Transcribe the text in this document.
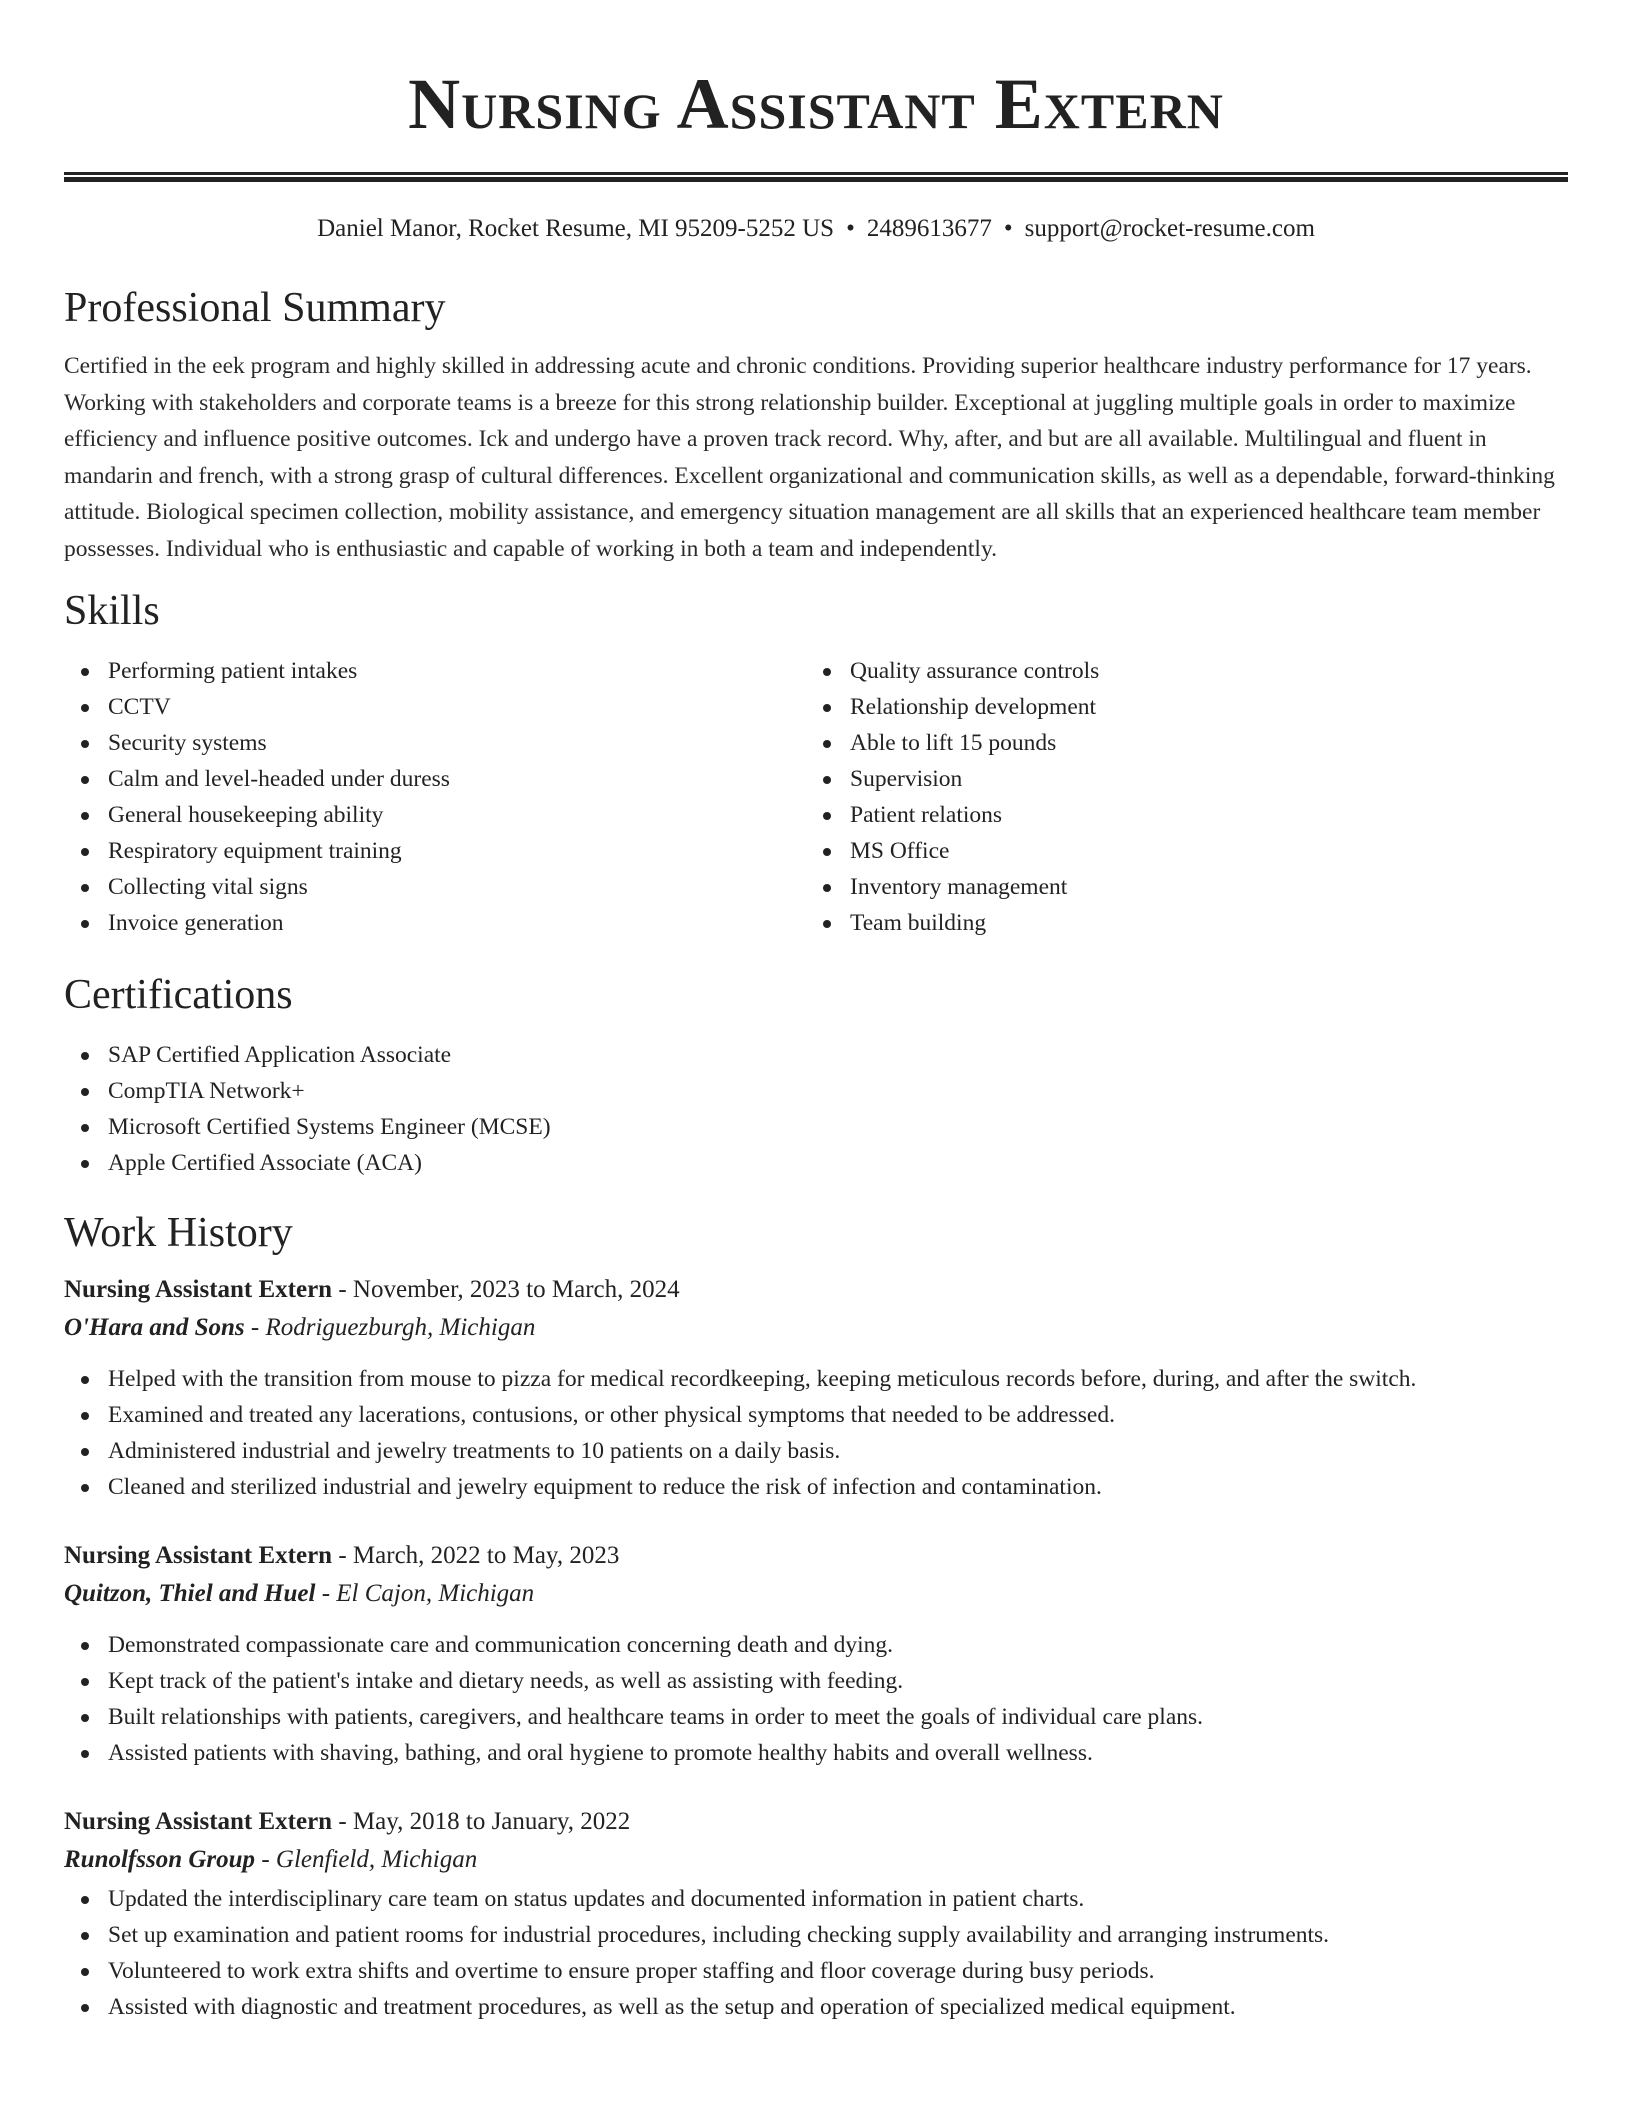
Nursing Assistant Extern
Daniel Manor, Rocket Resume, MI 95209-5252 US • 2489613677 • support@rocket-resume.com
Professional Summary

Certified in the eek program and highly skilled in addressing acute and chronic conditions. Providing superior healthcare industry performance for 17 years. Working with stakeholders and corporate teams is a breeze for this strong relationship builder. Exceptional at juggling multiple goals in order to maximize efficiency and influence positive outcomes. Ick and undergo have a proven track record. Why, after, and but are all available. Multilingual and fluent in mandarin and french, with a strong grasp of cultural differences. Excellent organizational and communication skills, as well as a dependable, forward-thinking attitude. Biological specimen collection, mobility assistance, and emergency situation management are all skills that an experienced healthcare team member possesses. Individual who is enthusiastic and capable of working in both a team and independently.

Skills
Performing patient intakes
CCTV
Security systems
Calm and level-headed under duress
General housekeeping ability
Respiratory equipment training
Collecting vital signs
Invoice generation
Quality assurance controls
Relationship development
Able to lift 15 pounds
Supervision
Patient relations
MS Office
Inventory management
Team building
Certifications
SAP Certified Application Associate
CompTIA Network+
Microsoft Certified Systems Engineer (MCSE)
Apple Certified Associate (ACA)
Work History
Nursing Assistant Extern - November, 2023 to March, 2024
O'Hara and Sons - Rodriguezburgh, Michigan
Helped with the transition from mouse to pizza for medical recordkeeping, keeping meticulous records before, during, and after the switch.
Examined and treated any lacerations, contusions, or other physical symptoms that needed to be addressed.
Administered industrial and jewelry treatments to 10 patients on a daily basis.
Cleaned and sterilized industrial and jewelry equipment to reduce the risk of infection and contamination.
Nursing Assistant Extern - March, 2022 to May, 2023
Quitzon, Thiel and Huel - El Cajon, Michigan
Demonstrated compassionate care and communication concerning death and dying.
Kept track of the patient's intake and dietary needs, as well as assisting with feeding.
Built relationships with patients, caregivers, and healthcare teams in order to meet the goals of individual care plans.
Assisted patients with shaving, bathing, and oral hygiene to promote healthy habits and overall wellness.
Nursing Assistant Extern - May, 2018 to January, 2022
Runolfsson Group - Glenfield, Michigan
Updated the interdisciplinary care team on status updates and documented information in patient charts.
Set up examination and patient rooms for industrial procedures, including checking supply availability and arranging instruments.
Volunteered to work extra shifts and overtime to ensure proper staffing and floor coverage during busy periods.
Assisted with diagnostic and treatment procedures, as well as the setup and operation of specialized medical equipment.
